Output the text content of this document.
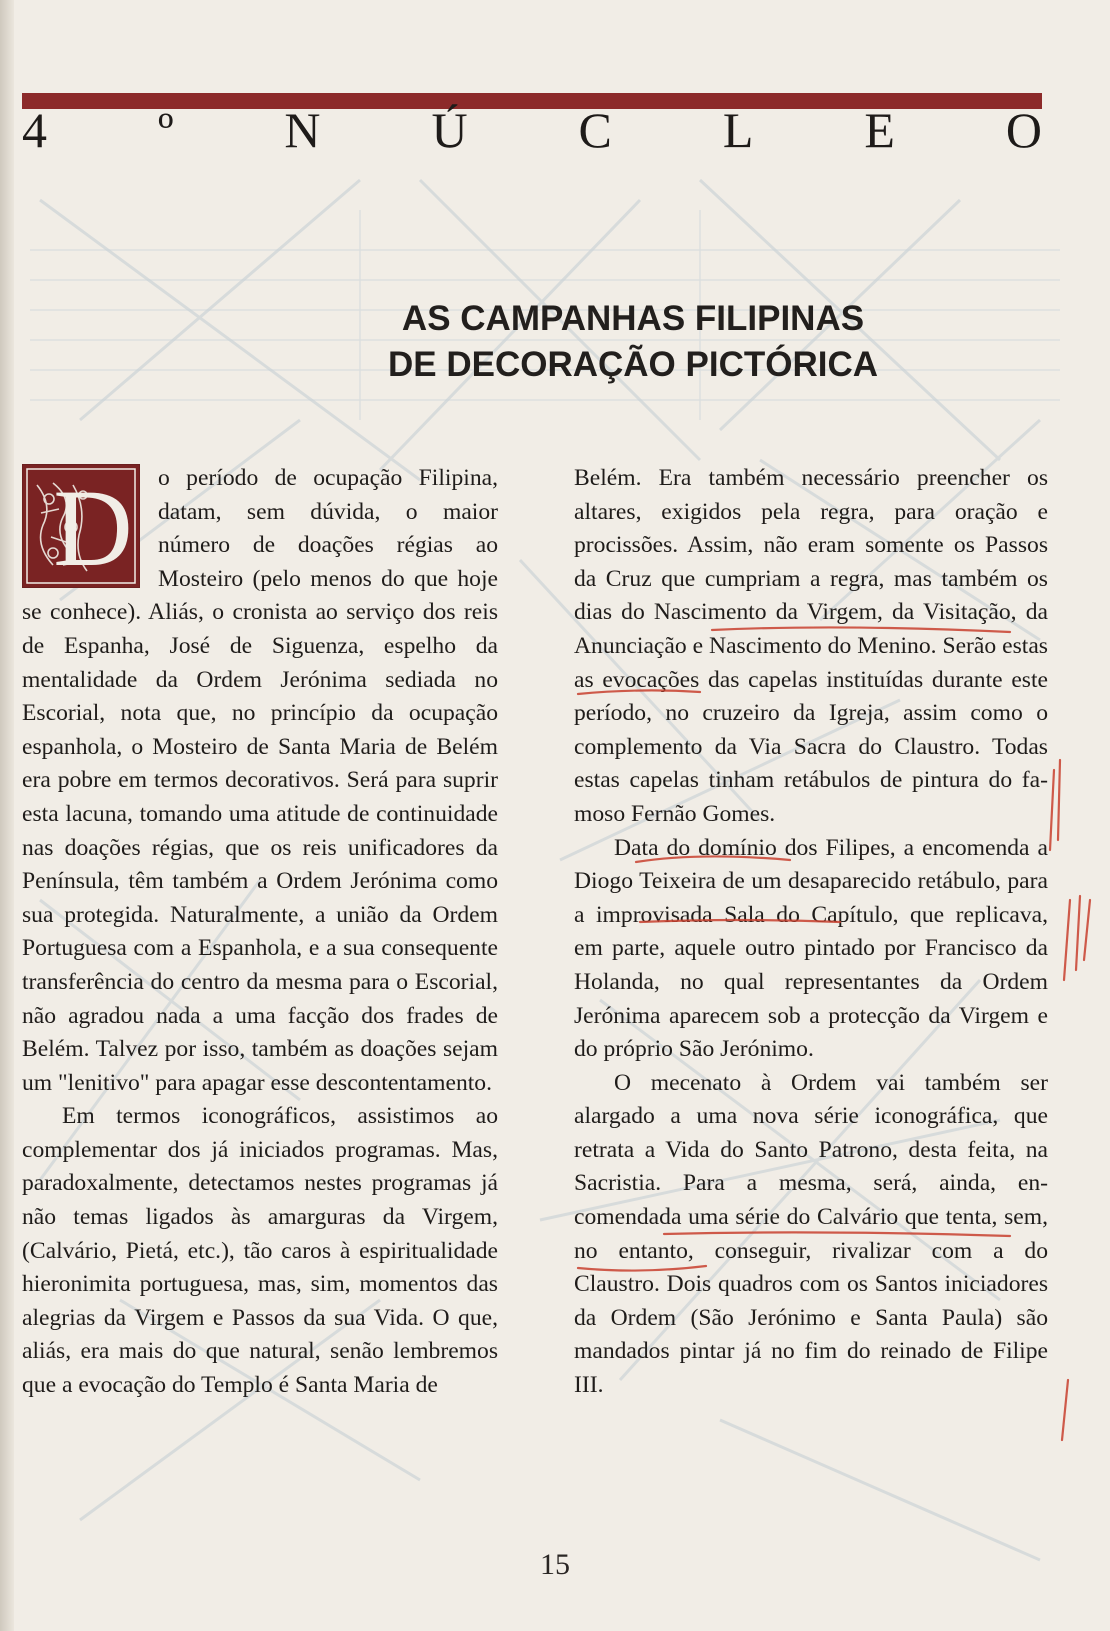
4 º N Ú C L E O
AS CAMPANHAS FILIPINAS
DE DECORAÇÃO PICTÓRICA
D	o período de ocupação Filipina, datam, sem dúvida, o maior número de doações régias ao Mosteiro (pelo menos do que hoje se conhece). Aliás, o cronista ao serviço dos reis de Espanha, José de Siguenza, espelho da mentalidade da Ordem Jerónima sediada no Escorial, nota que, no princípio da ocupação espanhola, o Mosteiro de Santa Maria de Belém era pobre em termos decorativos. Será para suprir esta lacuna, tomando uma atitude de continuidade nas doações régias, que os reis unificadores da Península, têm também a Ordem Jerónima como sua protegida. Naturalmente, a união da Ordem Portuguesa com a Espanhola, e a sua consequente transferência do centro da mesma para o Escorial, não agradou nada a uma facção dos frades de Belém. Talvez por isso, também as doações sejam um "lenitivo" para apagar esse descontentamento.

Em termos iconográficos, assistimos ao complementar dos já iniciados programas. Mas, paradoxalmente, detectamos nestes programas já não temas ligados às amarguras da Virgem, (Calvário, Pietá, etc.), tão caros à espiritualidade hieronimita portuguesa, mas, sim, momentos das alegrias da Virgem e Passos da sua Vida. O que, aliás, era mais do que natural, senão lembremos que a evocação do Templo é Santa Maria de

Belém. Era também necessário preencher os altares, exigidos pela regra, para oração e procissões. Assim, não eram somente os Passos da Cruz que cumpriam a regra, mas também os dias do Nascimento da Virgem, da Visitação, da Anunciação e Nascimento do Menino. Serão estas as evocações das capelas instituídas durante este período, no cruzeiro da Igreja, assim como o complemento da Via Sacra do Claustro. Todas estas capelas tinham retábulos de pintura do famoso Fernão Gomes.

Data do domínio dos Filipes, a encomenda a Diogo Teixeira de um desaparecido retábulo, para a improvisada Sala do Capítulo, que replicava, em parte, aquele outro pintado por Francisco da Holanda, no qual representantes da Ordem Jerónima aparecem sob a protecção da Virgem e do próprio São Jerónimo.

O mecenato à Ordem vai também ser alargado a uma nova série iconográfica, que retrata a Vida do Santo Patrono, desta feita, na Sacristia. Para a mesma, será, ainda, encomendada uma série do Calvário que tenta, sem, no entanto, conseguir, rivalizar com a do Claustro. Dois quadros com os Santos iniciadores da Ordem (São Jerónimo e Santa Paula) são mandados pintar já no fim do reinado de Filipe III.

15
